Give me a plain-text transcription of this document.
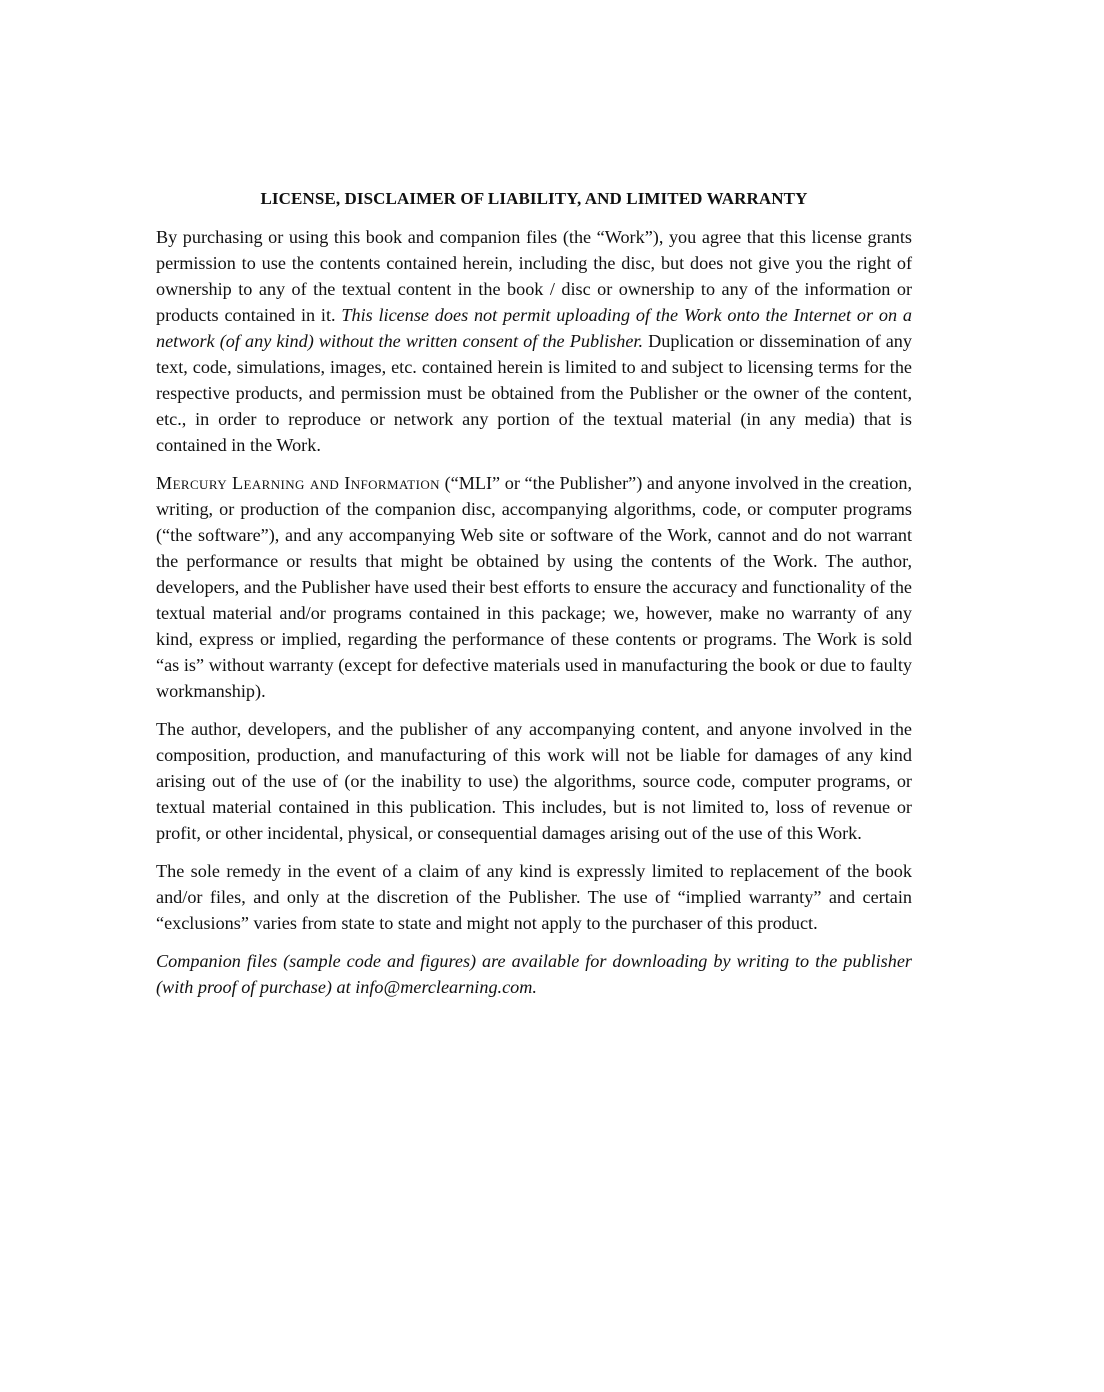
LICENSE, DISCLAIMER OF LIABILITY, AND LIMITED WARRANTY

By purchasing or using this book and companion files (the “Work”), you agree that this license grants permission to use the contents contained herein, including the disc, but does not give you the right of ownership to any of the textual content in the book / disc or ownership to any of the information or products contained in it. This license does not permit uploading of the Work onto the Internet or on a network (of any kind) without the written consent of the Publisher. Duplication or dissemination of any text, code, simulations, images, etc. contained herein is limited to and subject to licensing terms for the respective products, and permission must be obtained from the Publisher or the owner of the content, etc., in order to reproduce or network any portion of the textual material (in any media) that is contained in the Work.

Mercury Learning and Information (“MLI” or “the Publisher”) and anyone involved in the creation, writing, or production of the companion disc, accompanying algorithms, code, or computer programs (“the software”), and any accompanying Web site or software of the Work, cannot and do not warrant the performance or results that might be obtained by using the contents of the Work. The author, developers, and the Publisher have used their best efforts to ensure the accuracy and functionality of the textual material and/or programs contained in this package; we, however, make no warranty of any kind, express or implied, regarding the performance of these contents or programs. The Work is sold “as is” without warranty (except for defective materials used in manufacturing the book or due to faulty workmanship).

The author, developers, and the publisher of any accompanying content, and anyone involved in the composition, production, and manufacturing of this work will not be liable for damages of any kind arising out of the use of (or the inability to use) the algorithms, source code, computer programs, or textual material contained in this publication. This includes, but is not limited to, loss of revenue or profit, or other incidental, physical, or consequential damages arising out of the use of this Work.

The sole remedy in the event of a claim of any kind is expressly limited to replacement of the book and/or files, and only at the discretion of the Publisher. The use of “implied warranty” and certain “exclusions” varies from state to state and might not apply to the purchaser of this product.

Companion files (sample code and figures) are available for downloading by writing to the publisher (with proof of purchase) at info@merclearning.com.
